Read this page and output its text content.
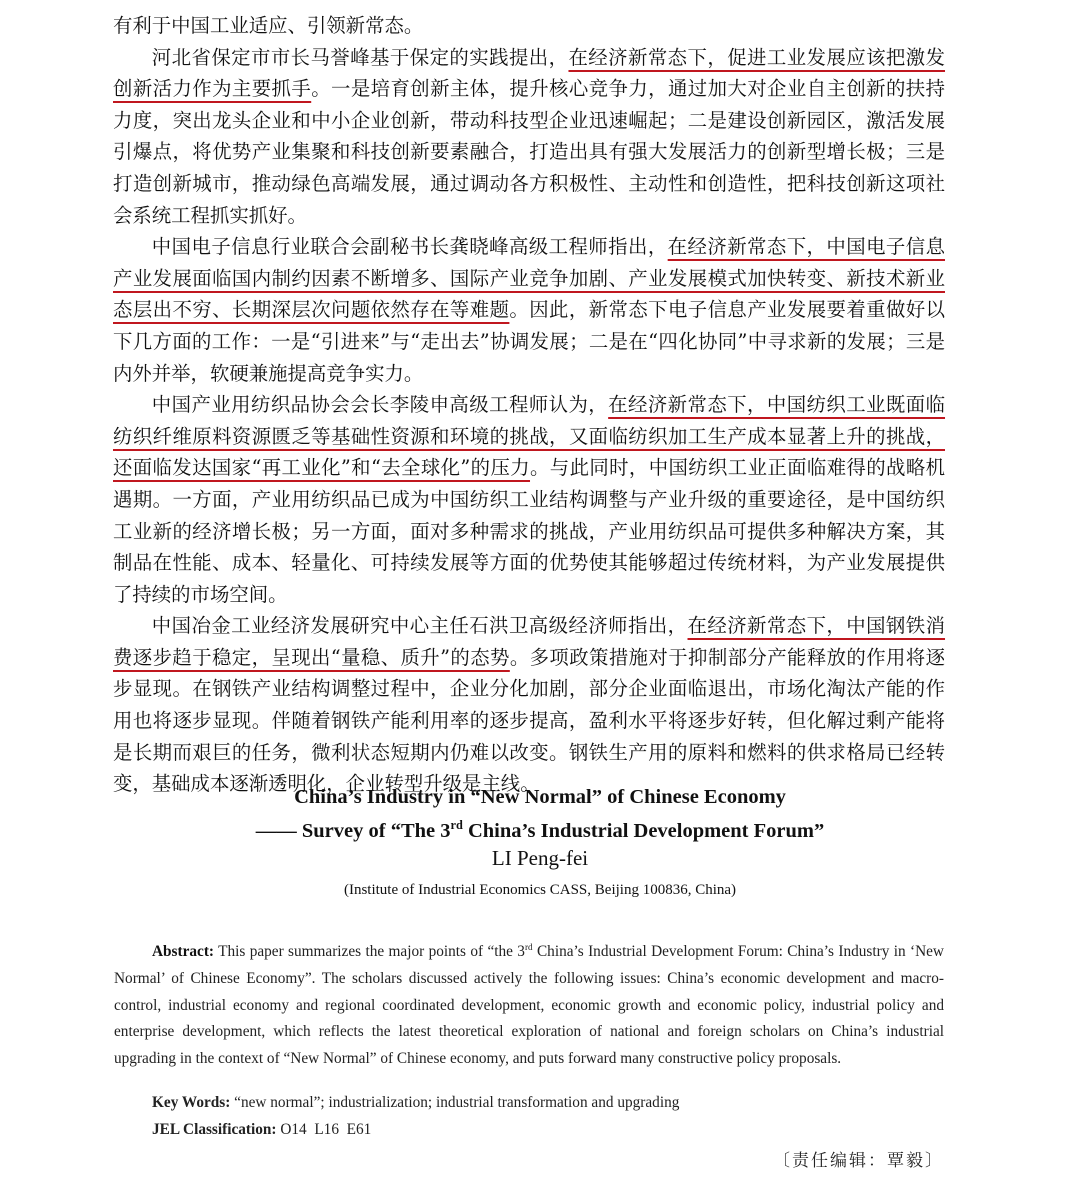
有利于中国工业适应、引领新常态。

河北省保定市市长马誉峰基于保定的实践提出，在经济新常态下，促进工业发展应该把激发创新活力作为主要抓手。一是培育创新主体，提升核心竞争力，通过加大对企业自主创新的扶持力度，突出龙头企业和中小企业创新，带动科技型企业迅速崛起；二是建设创新园区，激活发展引爆点，将优势产业集聚和科技创新要素融合，打造出具有强大发展活力的创新型增长极；三是打造创新城市，推动绿色高端发展，通过调动各方积极性、主动性和创造性，把科技创新这项社会系统工程抓实抓好。

中国电子信息行业联合会副秘书长龚晓峰高级工程师指出，在经济新常态下，中国电子信息产业发展面临国内制约因素不断增多、国际产业竞争加剧、产业发展模式加快转变、新技术新业态层出不穷、长期深层次问题依然存在等难题。因此，新常态下电子信息产业发展要着重做好以下几方面的工作：一是“引进来”与“走出去”协调发展；二是在“四化协同”中寻求新的发展；三是内外并举，软硬兼施提高竞争实力。

中国产业用纺织品协会会长李陵申高级工程师认为，在经济新常态下，中国纺织工业既面临纺织纤维原料资源匮乏等基础性资源和环境的挑战，又面临纺织加工生产成本显著上升的挑战，还面临发达国家“再工业化”和“去全球化”的压力。与此同时，中国纺织工业正面临难得的战略机遇期。一方面，产业用纺织品已成为中国纺织工业结构调整与产业升级的重要途径，是中国纺织工业新的经济增长极；另一方面，面对多种需求的挑战，产业用纺织品可提供多种解决方案，其制品在性能、成本、轻量化、可持续发展等方面的优势使其能够超过传统材料，为产业发展提供了持续的市场空间。

中国冶金工业经济发展研究中心主任石洪卫高级经济师指出，在经济新常态下，中国钢铁消费逐步趋于稳定，呈现出“量稳、质升”的态势。多项政策措施对于抑制部分产能释放的作用将逐步显现。在钢铁产业结构调整过程中，企业分化加剧，部分企业面临退出，市场化淘汰产能的作用也将逐步显现。伴随着钢铁产能利用率的逐步提高，盈利水平将逐步好转，但化解过剩产能将是长期而艰巨的任务，微利状态短期内仍难以改变。钢铁生产用的原料和燃料的供求格局已经转变，基础成本逐渐透明化，企业转型升级是主线。

China’s Industry in “New Normal” of Chinese Economy
—— Survey of “The 3rd China’s Industrial Development Forum”
LI Peng-fei
(Institute of Industrial Economics CASS, Beijing 100836, China)
Abstract: This paper summarizes the major points of “the 3rd China’s Industrial Development Forum: China’s Industry in ‘New Normal’ of Chinese Economy”. The scholars discussed actively the following issues: China’s economic development and macro-control, industrial economy and regional coordinated development, economic growth and economic policy, industrial policy and enterprise development, which reflects the latest theoretical exploration of national and foreign scholars on China’s industrial upgrading in the context of “New Normal” of Chinese economy, and puts forward many constructive policy proposals.
Key Words: “new normal”; industrialization; industrial transformation and upgrading
JEL Classification: O14  L16  E61
〔责任编辑：覃毅〕
